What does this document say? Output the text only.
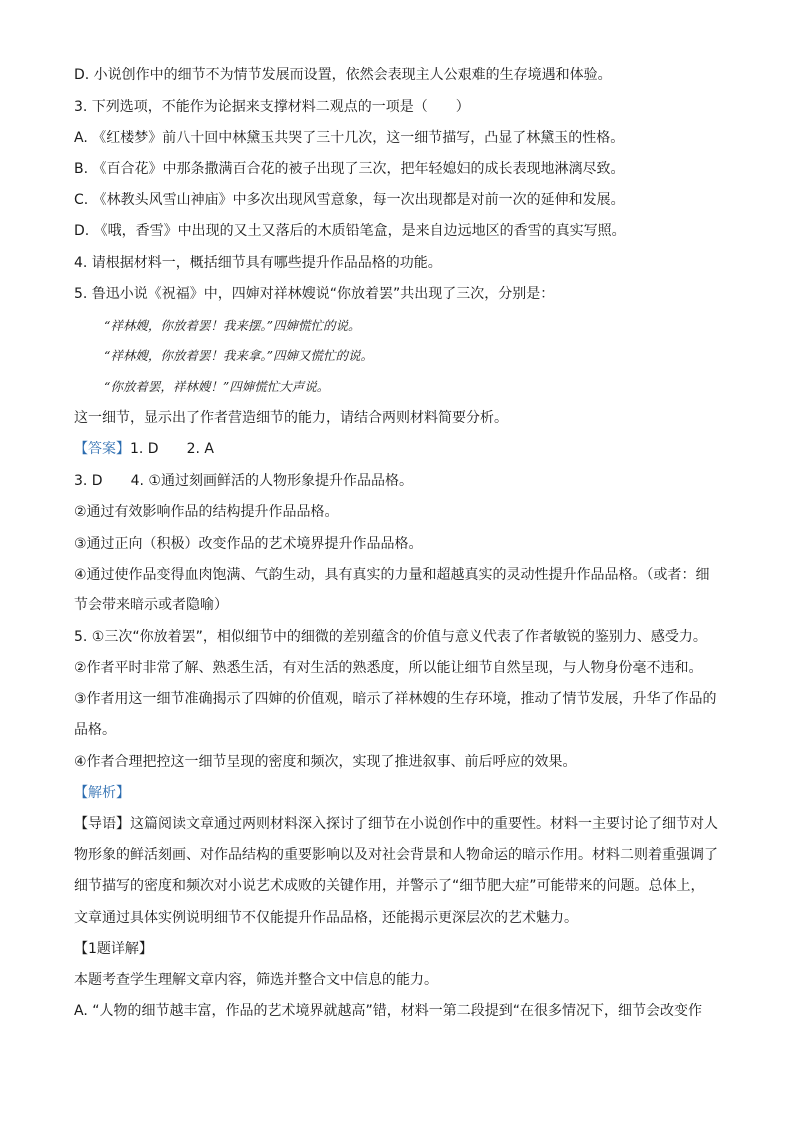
D. 小说创作中的细节不为情节发展而设置，依然会表现主人公艰难的生存境遇和体验。
3. 下列选项，不能作为论据来支撑材料二观点的一项是（　　）
A. 《红楼梦》前八十回中林黛玉共哭了三十几次，这一细节描写，凸显了林黛玉的性格。
B. 《百合花》中那条撒满百合花的被子出现了三次，把年轻媳妇的成长表现地淋漓尽致。
C. 《林教头风雪山神庙》中多次出现风雪意象，每一次出现都是对前一次的延伸和发展。
D. 《哦，香雪》中出现的又土又落后的木质铅笔盒，是来自边远地区的香雪的真实写照。
4. 请根据材料一，概括细节具有哪些提升作品品格的功能。
5. 鲁迅小说《祝福》中，四婶对祥林嫂说“你放着罢”共出现了三次，分别是：
“祥林嫂，你放着罢！我来摆。”四婶慌忙的说。
“祥林嫂，你放着罢！我来拿。”四婶又慌忙的说。
“你放着罢，祥林嫂！”四婶慌忙大声说。
这一细节，显示出了作者营造细节的能力，请结合两则材料简要分析。
【答案】1. D　　2. A
3. D　　4. ①通过刻画鲜活的人物形象提升作品品格。
②通过有效影响作品的结构提升作品品格。
③通过正向（积极）改变作品的艺术境界提升作品品格。
④通过使作品变得血肉饱满、气韵生动，具有真实的力量和超越真实的灵动性提升作品品格。（或者：细
节会带来暗示或者隐喻）
5. ①三次“你放着罢”，相似细节中的细微的差别蕴含的价值与意义代表了作者敏锐的鉴别力、感受力。
②作者平时非常了解、熟悉生活，有对生活的熟悉度，所以能让细节自然呈现，与人物身份毫不违和。
③作者用这一细节准确揭示了四婶的价值观，暗示了祥林嫂的生存环境，推动了情节发展，升华了作品的
品格。
④作者合理把控这一细节呈现的密度和频次，实现了推进叙事、前后呼应的效果。
【解析】
【导语】这篇阅读文章通过两则材料深入探讨了细节在小说创作中的重要性。材料一主要讨论了细节对人
物形象的鲜活刻画、对作品结构的重要影响以及对社会背景和人物命运的暗示作用。材料二则着重强调了
细节描写的密度和频次对小说艺术成败的关键作用，并警示了“细节肥大症”可能带来的问题。总体上，
文章通过具体实例说明细节不仅能提升作品品格，还能揭示更深层次的艺术魅力。
【1题详解】
本题考查学生理解文章内容，筛选并整合文中信息的能力。
A. “人物的细节越丰富，作品的艺术境界就越高”错，材料一第二段提到“在很多情况下，细节会改变作
